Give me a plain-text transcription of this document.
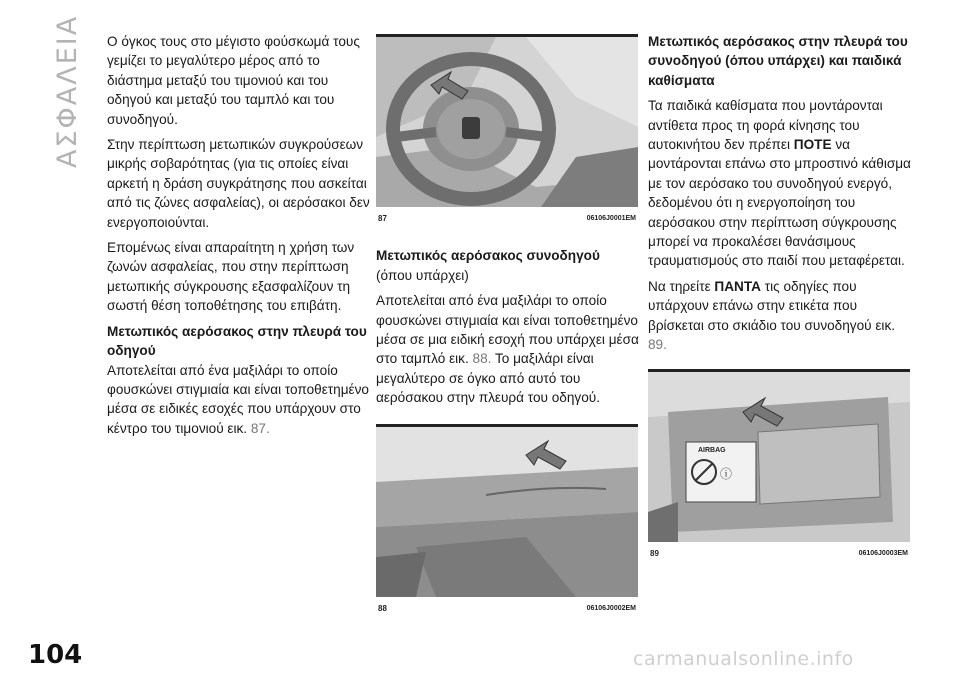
ΑΣΦΑΛΕΙΑ Ο όγκος τους στο μέγιστο φούσκωμά τους γεμίζει το μεγαλύτερο μέρος από το διάστημα μεταξύ του τιμονιού και του οδηγού και μεταξύ του ταμπλό και του συνοδηγού.

Στην περίπτωση μετωπικών συγκρούσεων μικρής σοβαρότητας (για τις οποίες είναι αρκετή η δράση συγκράτησης που ασκείται από τις ζώνες ασφαλείας), οι αερόσακοι δεν ενεργοποιούνται.

Επομένως είναι απαραίτητη η χρήση των ζωνών ασφαλείας, που στην περίπτωση μετωπικής σύγκρουσης εξασφαλίζουν τη σωστή θέση τοποθέτησης του επιβάτη.

Μετωπικός αερόσακος στην πλευρά του οδηγού

Αποτελείται από ένα μαξιλάρι το οποίο φουσκώνει στιγμιαία και είναι τοποθετημένο μέσα σε ειδικές εσοχές που υπάρχουν στο κέντρο του τιμονιού εικ. 87.

87	06106J0001EM
Μετωπικός αερόσακος συνοδηγού

(όπου υπάρχει)

Αποτελείται από ένα μαξιλάρι το οποίο φουσκώνει στιγμιαία και είναι τοποθετημένο μέσα σε μια ειδική εσοχή που υπάρχει μέσα στο ταμπλό εικ. 88. Το μαξιλάρι είναι μεγαλύτερο σε όγκο από αυτό του αερόσακου στην πλευρά του οδηγού.

88	06106J0002EM
Μετωπικός αερόσακος στην πλευρά του συνοδηγού (όπου υπάρχει) και παιδικά καθίσματα

Τα παιδικά καθίσματα που μοντάρονται αντίθετα προς τη φορά κίνησης του αυτοκινήτου δεν πρέπει ΠΟΤΕ να μοντάρονται επάνω στο μπροστινό κάθισμα με τον αερόσακο του συνοδηγού ενεργό, δεδομένου ότι η ενεργοποίηση του αερόσακου στην περίπτωση σύγκρουσης μπορεί να προκαλέσει θανάσιμους τραυματισμούς στο παιδί που μεταφέρεται.

Να τηρείτε ΠΑΝΤΑ τις οδηγίες που υπάρχουν επάνω στην ετικέτα που βρίσκεται στο σκιάδιο του συνοδηγού εικ. 89.

ⓘ
AIRBAG
89	06106J0003EM
104	carmanualsonline.info
